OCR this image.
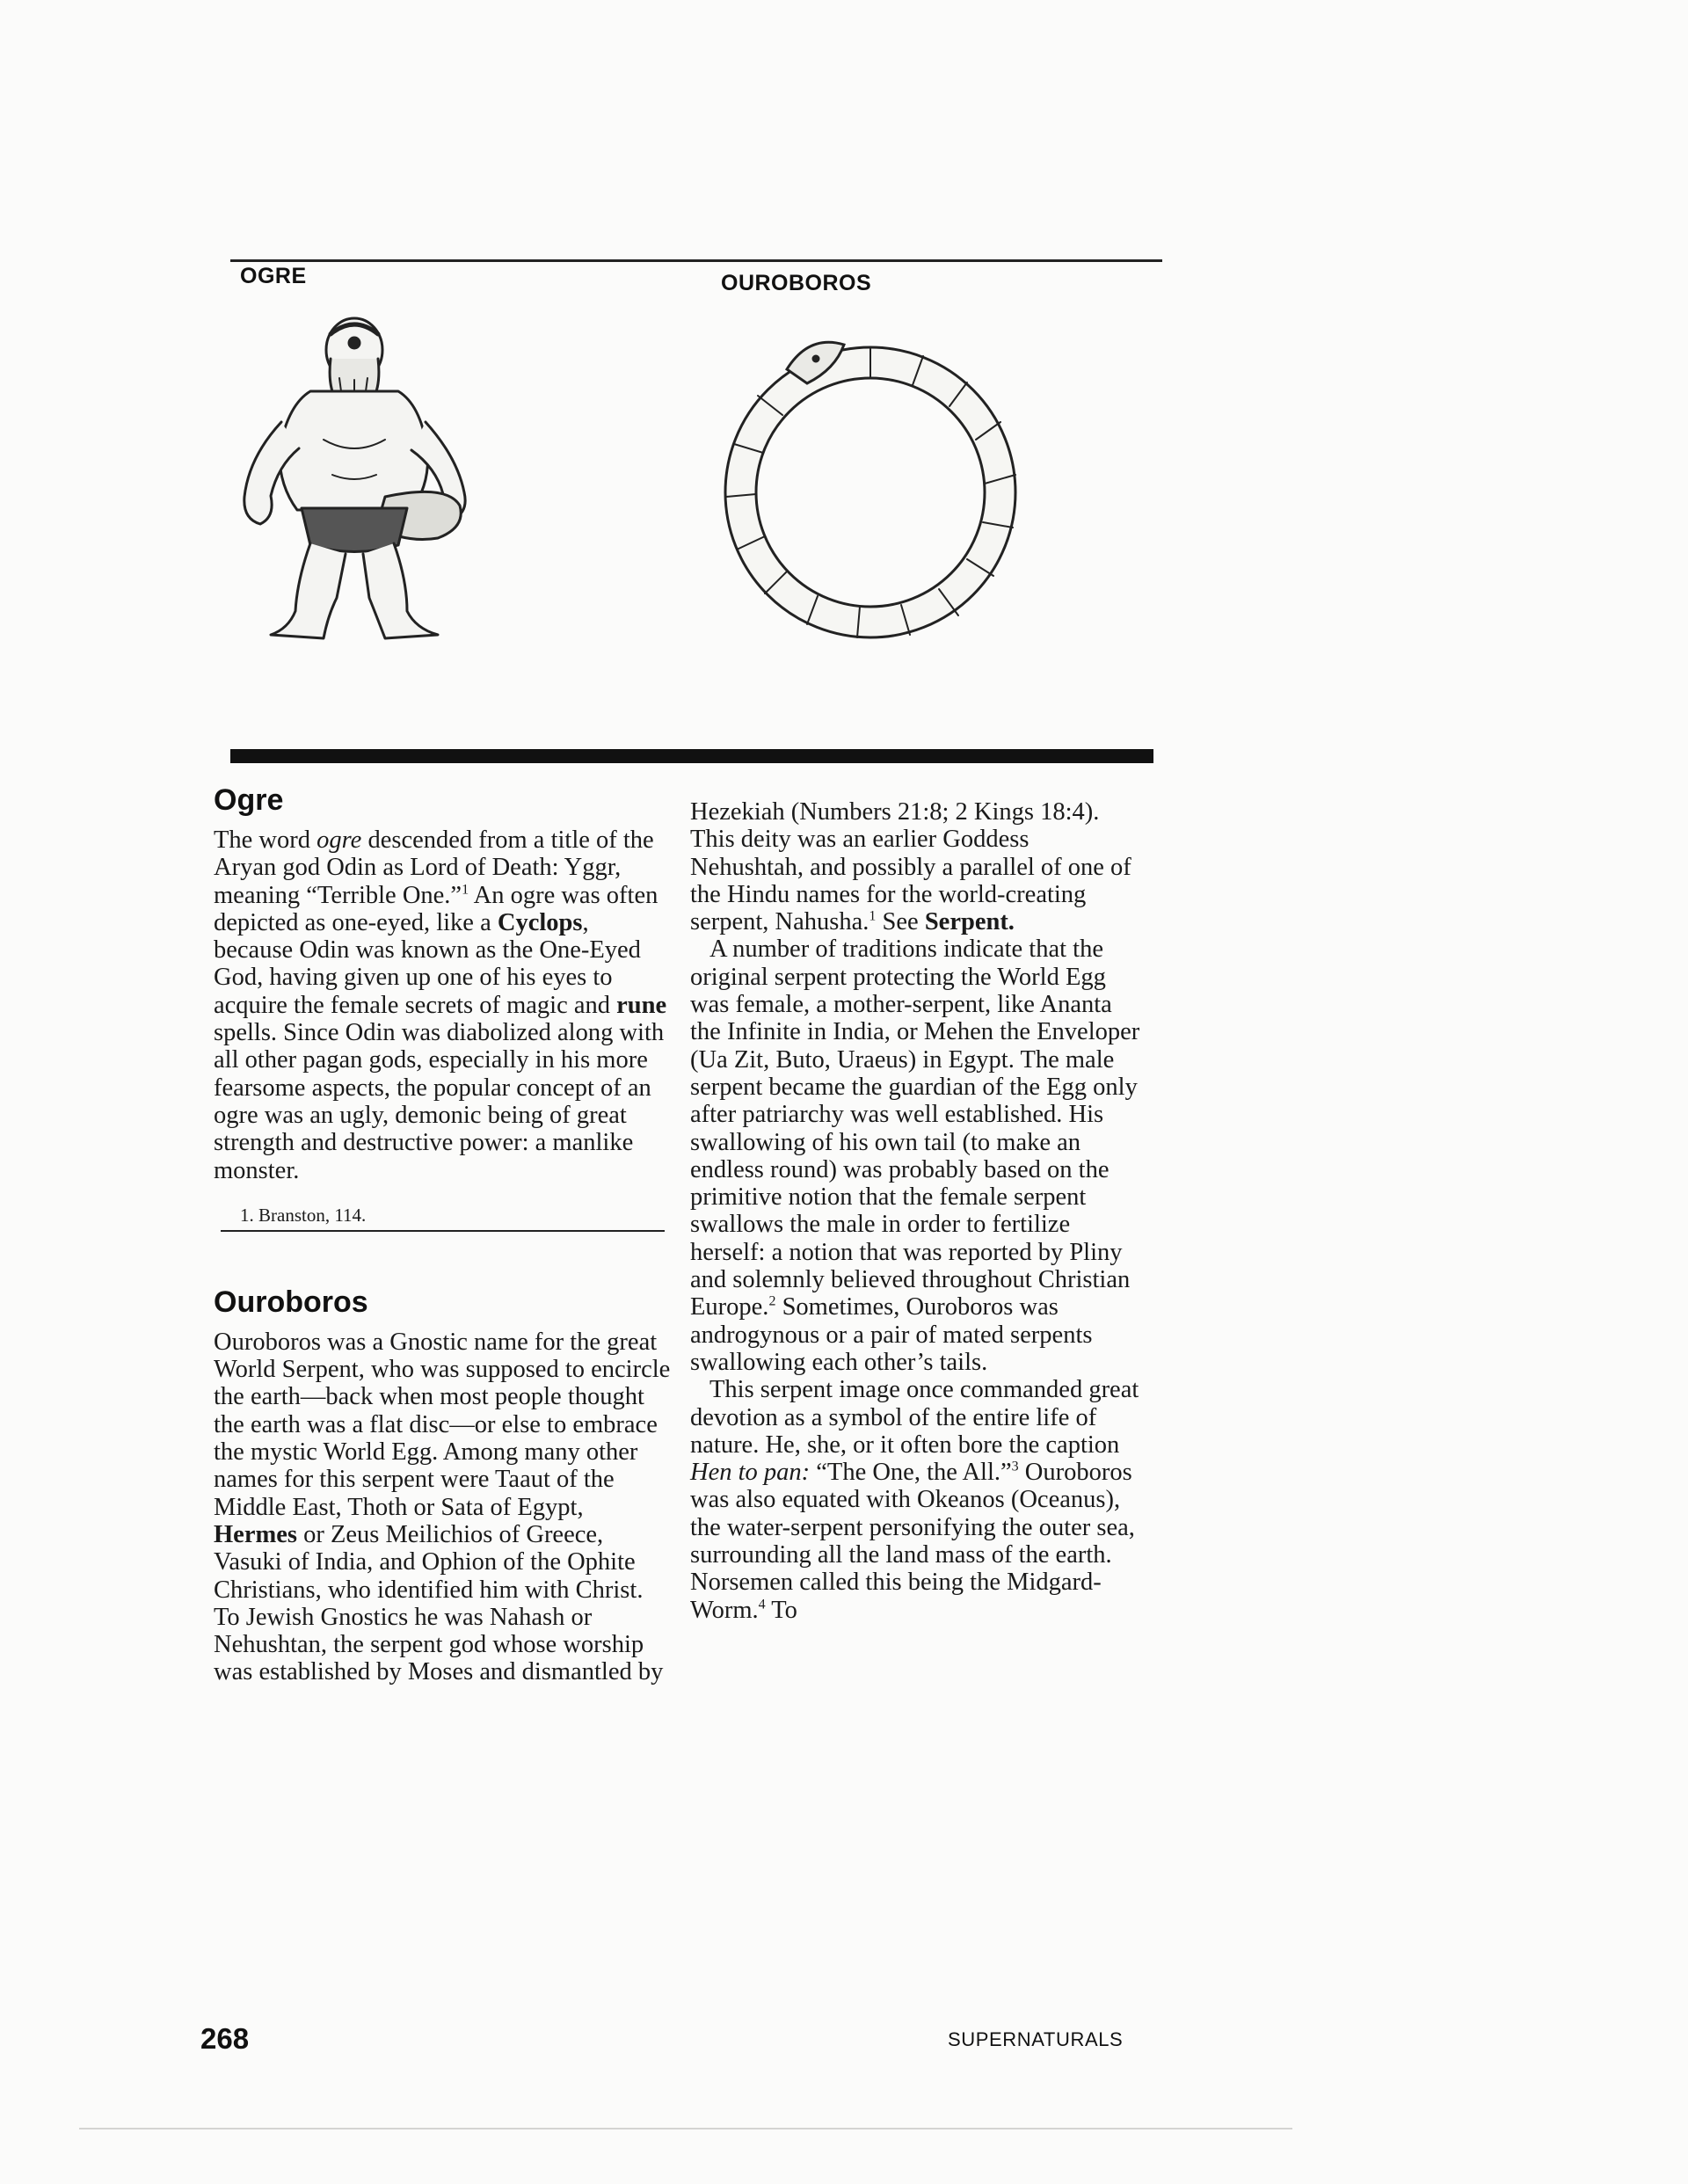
OGRE	OUROBOROS
Ogre

The word ogre descended from a title of the Aryan god Odin as Lord of Death: Yggr, meaning “Terrible One.”$^1$ An ogre was often depicted as one-eyed, like a Cyclops, because Odin was known as the One-Eyed God, having given up one of his eyes to acquire the female secrets of magic and rune spells. Since Odin was diabolized along with all other pagan gods, especially in his more fearsome aspects, the popular concept of an ogre was an ugly, demonic being of great strength and destructive power: a manlike monster.

1. Branston, 114.
Ouroboros

Ouroboros was a Gnostic name for the great World Serpent, who was supposed to encircle the earth—back when most people thought the earth was a flat disc—or else to embrace the mystic World Egg. Among many other names for this serpent were Taaut of the Middle East, Thoth or Sata of Egypt, Hermes or Zeus Meilichios of Greece, Vasuki of India, and Ophion of the Ophite Christians, who identified him with Christ. To Jewish Gnostics he was Nahash or Nehushtan, the serpent god whose worship was established by Moses and dismantled by

Hezekiah (Numbers 21:8; 2 Kings 18:4). This deity was an earlier Goddess Nehushtah, and possibly a parallel of one of the Hindu names for the world-creating serpent, Nahusha.$^1$ See Serpent.

A number of traditions indicate that the original serpent protecting the World Egg was female, a mother-serpent, like Ananta the Infinite in India, or Mehen the Enveloper (Ua Zit, Buto, Uraeus) in Egypt. The male serpent became the guardian of the Egg only after patriarchy was well established. His swallowing of his own tail (to make an endless round) was probably based on the primitive notion that the female serpent swallows the male in order to fertilize herself: a notion that was reported by Pliny and solemnly believed throughout Christian Europe.$^2$ Sometimes, Ouroboros was androgynous or a pair of mated serpents swallowing each other’s tails.

This serpent image once commanded great devotion as a symbol of the entire life of nature. He, she, or it often bore the caption Hen to pan: “The One, the All.”$^3$ Ouroboros was also equated with Okeanos (Oceanus), the water-serpent personifying the outer sea, surrounding all the land mass of the earth. Norsemen called this being the Midgard-Worm.$^4$ To

268	SUPERNATURALS
